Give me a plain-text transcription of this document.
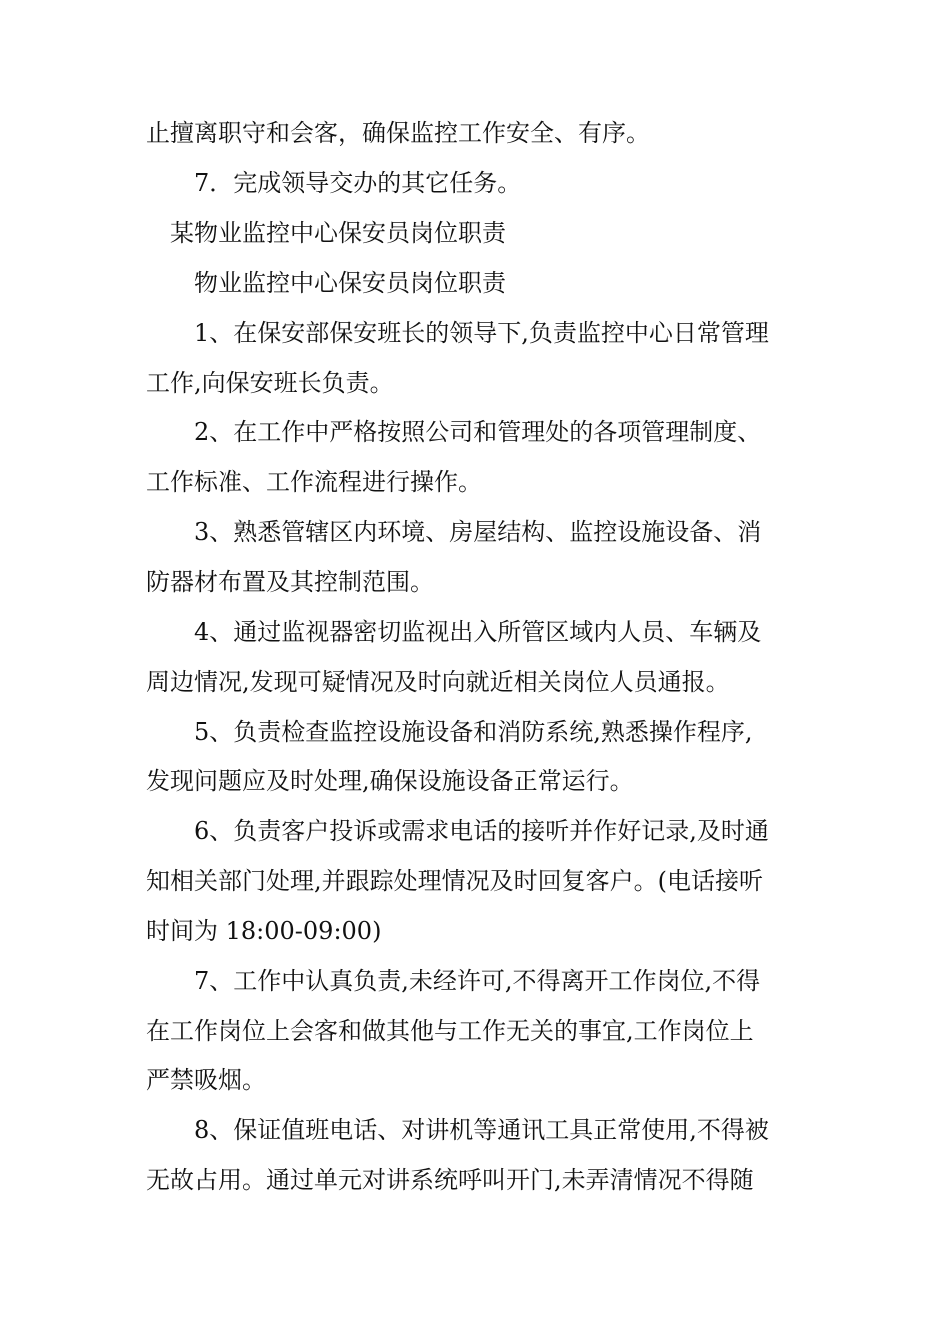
止擅离职守和会客，确保监控工作安全、有序。
7．完成领导交办的其它任务。
某物业监控中心保安员岗位职责
物业监控中心保安员岗位职责
1、在保安部保安班长的领导下,负责监控中心日常管理
工作,向保安班长负责。
2、在工作中严格按照公司和管理处的各项管理制度、
工作标准、工作流程进行操作。
3、熟悉管辖区内环境、房屋结构、监控设施设备、消
防器材布置及其控制范围。
4、通过监视器密切监视出入所管区域内人员、车辆及
周边情况,发现可疑情况及时向就近相关岗位人员通报。
5、负责检查监控设施设备和消防系统,熟悉操作程序,
发现问题应及时处理,确保设施设备正常运行。
6、负责客户投诉或需求电话的接听并作好记录,及时通
知相关部门处理,并跟踪处理情况及时回复客户。(电话接听
时间为 18:00-09:00)
7、工作中认真负责,未经许可,不得离开工作岗位,不得
在工作岗位上会客和做其他与工作无关的事宜,工作岗位上
严禁吸烟。
8、保证值班电话、对讲机等通讯工具正常使用,不得被
无故占用。通过单元对讲系统呼叫开门,未弄清情况不得随
